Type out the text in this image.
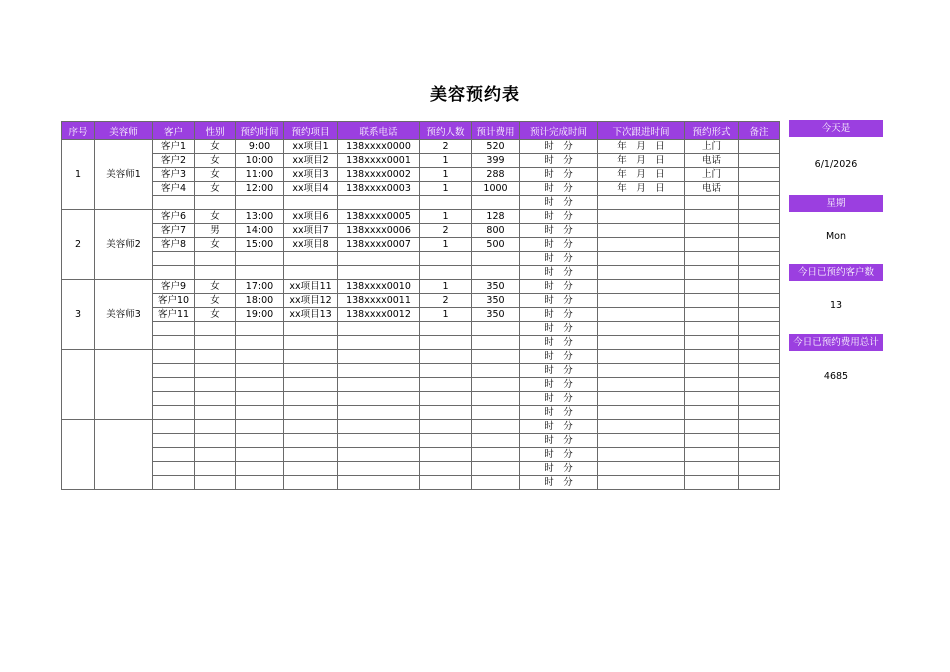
美容预约表
序号	美容师	客户	性别	预约时间	预约项目	联系电话	预约人数	预计费用	预计完成时间	下次跟进时间	预约形式	备注
1	美容师1	客户1	女	9:00	xx项目1	138xxxx0000	2	520	时　分	年　月　日	上门	
		客户2	女	10:00	xx项目2	138xxxx0001	1	399	时　分	年　月　日	电话	
		客户3	女	11:00	xx项目3	138xxxx0002	1	288	时　分	年　月　日	上门	
		客户4	女	12:00	xx项目4	138xxxx0003	1	1000	时　分	年　月　日	电话	
									时　分			
2	美容师2	客户6	女	13:00	xx项目6	138xxxx0005	1	128	时　分			
		客户7	男	14:00	xx项目7	138xxxx0006	2	800	时　分			
		客户8	女	15:00	xx项目8	138xxxx0007	1	500	时　分			
									时　分			
									时　分			
3	美容师3	客户9	女	17:00	xx项目11	138xxxx0010	1	350	时　分			
		客户10	女	18:00	xx项目12	138xxxx0011	2	350	时　分			
		客户11	女	19:00	xx项目13	138xxxx0012	1	350	时　分			
									时　分			
									时　分			
									时　分			
									时　分			
									时　分			
									时　分			
									时　分			
									时　分			
									时　分			
									时　分			
									时　分			
									时　分			
今天是
6/1/2026
星期
Mon
今日已预约客户数
13
今日已预约费用总计
4685
